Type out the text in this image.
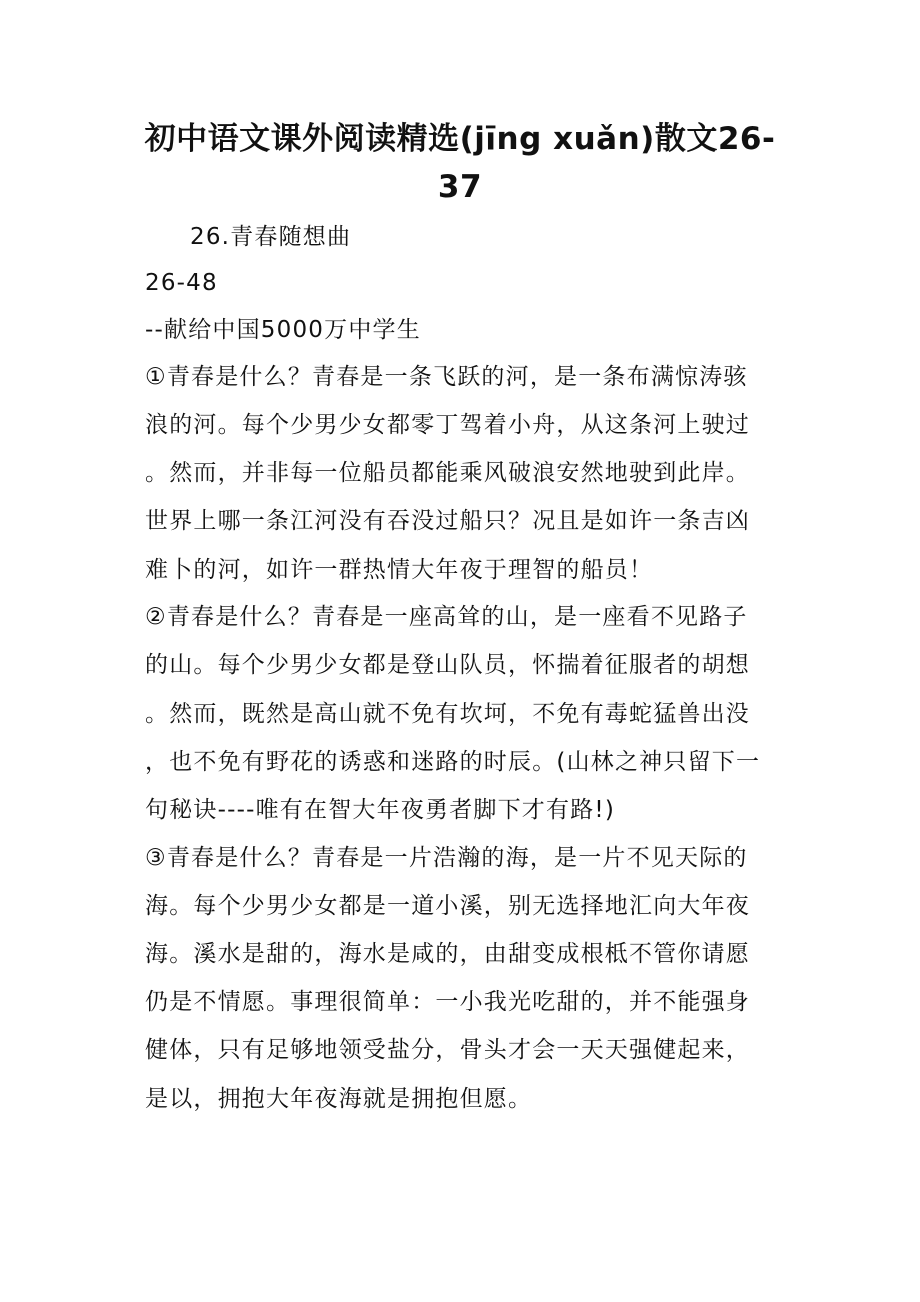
初中语文课外阅读精选(jīng xuǎn)散文26-
37

26.青春随想曲

26-48

--献给中国5000万中学生

①青春是什么？青春是一条飞跃的河，是一条布满惊涛骇

浪的河。每个少男少女都零丁驾着小舟，从这条河上驶过

。然而，并非每一位船员都能乘风破浪安然地驶到此岸。

世界上哪一条江河没有吞没过船只？况且是如许一条吉凶

难卜的河，如许一群热情大年夜于理智的船员！

②青春是什么？青春是一座高耸的山，是一座看不见路子

的山。每个少男少女都是登山队员，怀揣着征服者的胡想

。然而，既然是高山就不免有坎坷，不免有毒蛇猛兽出没

，也不免有野花的诱惑和迷路的时辰。(山林之神只留下一

句秘诀----唯有在智大年夜勇者脚下才有路!)

③青春是什么？青春是一片浩瀚的海，是一片不见天际的

海。每个少男少女都是一道小溪，别无选择地汇向大年夜

海。溪水是甜的，海水是咸的，由甜变成根柢不管你请愿

仍是不情愿。事理很简单：一小我光吃甜的，并不能强身

健体，只有足够地领受盐分，骨头才会一天天强健起来，

是以，拥抱大年夜海就是拥抱但愿。
